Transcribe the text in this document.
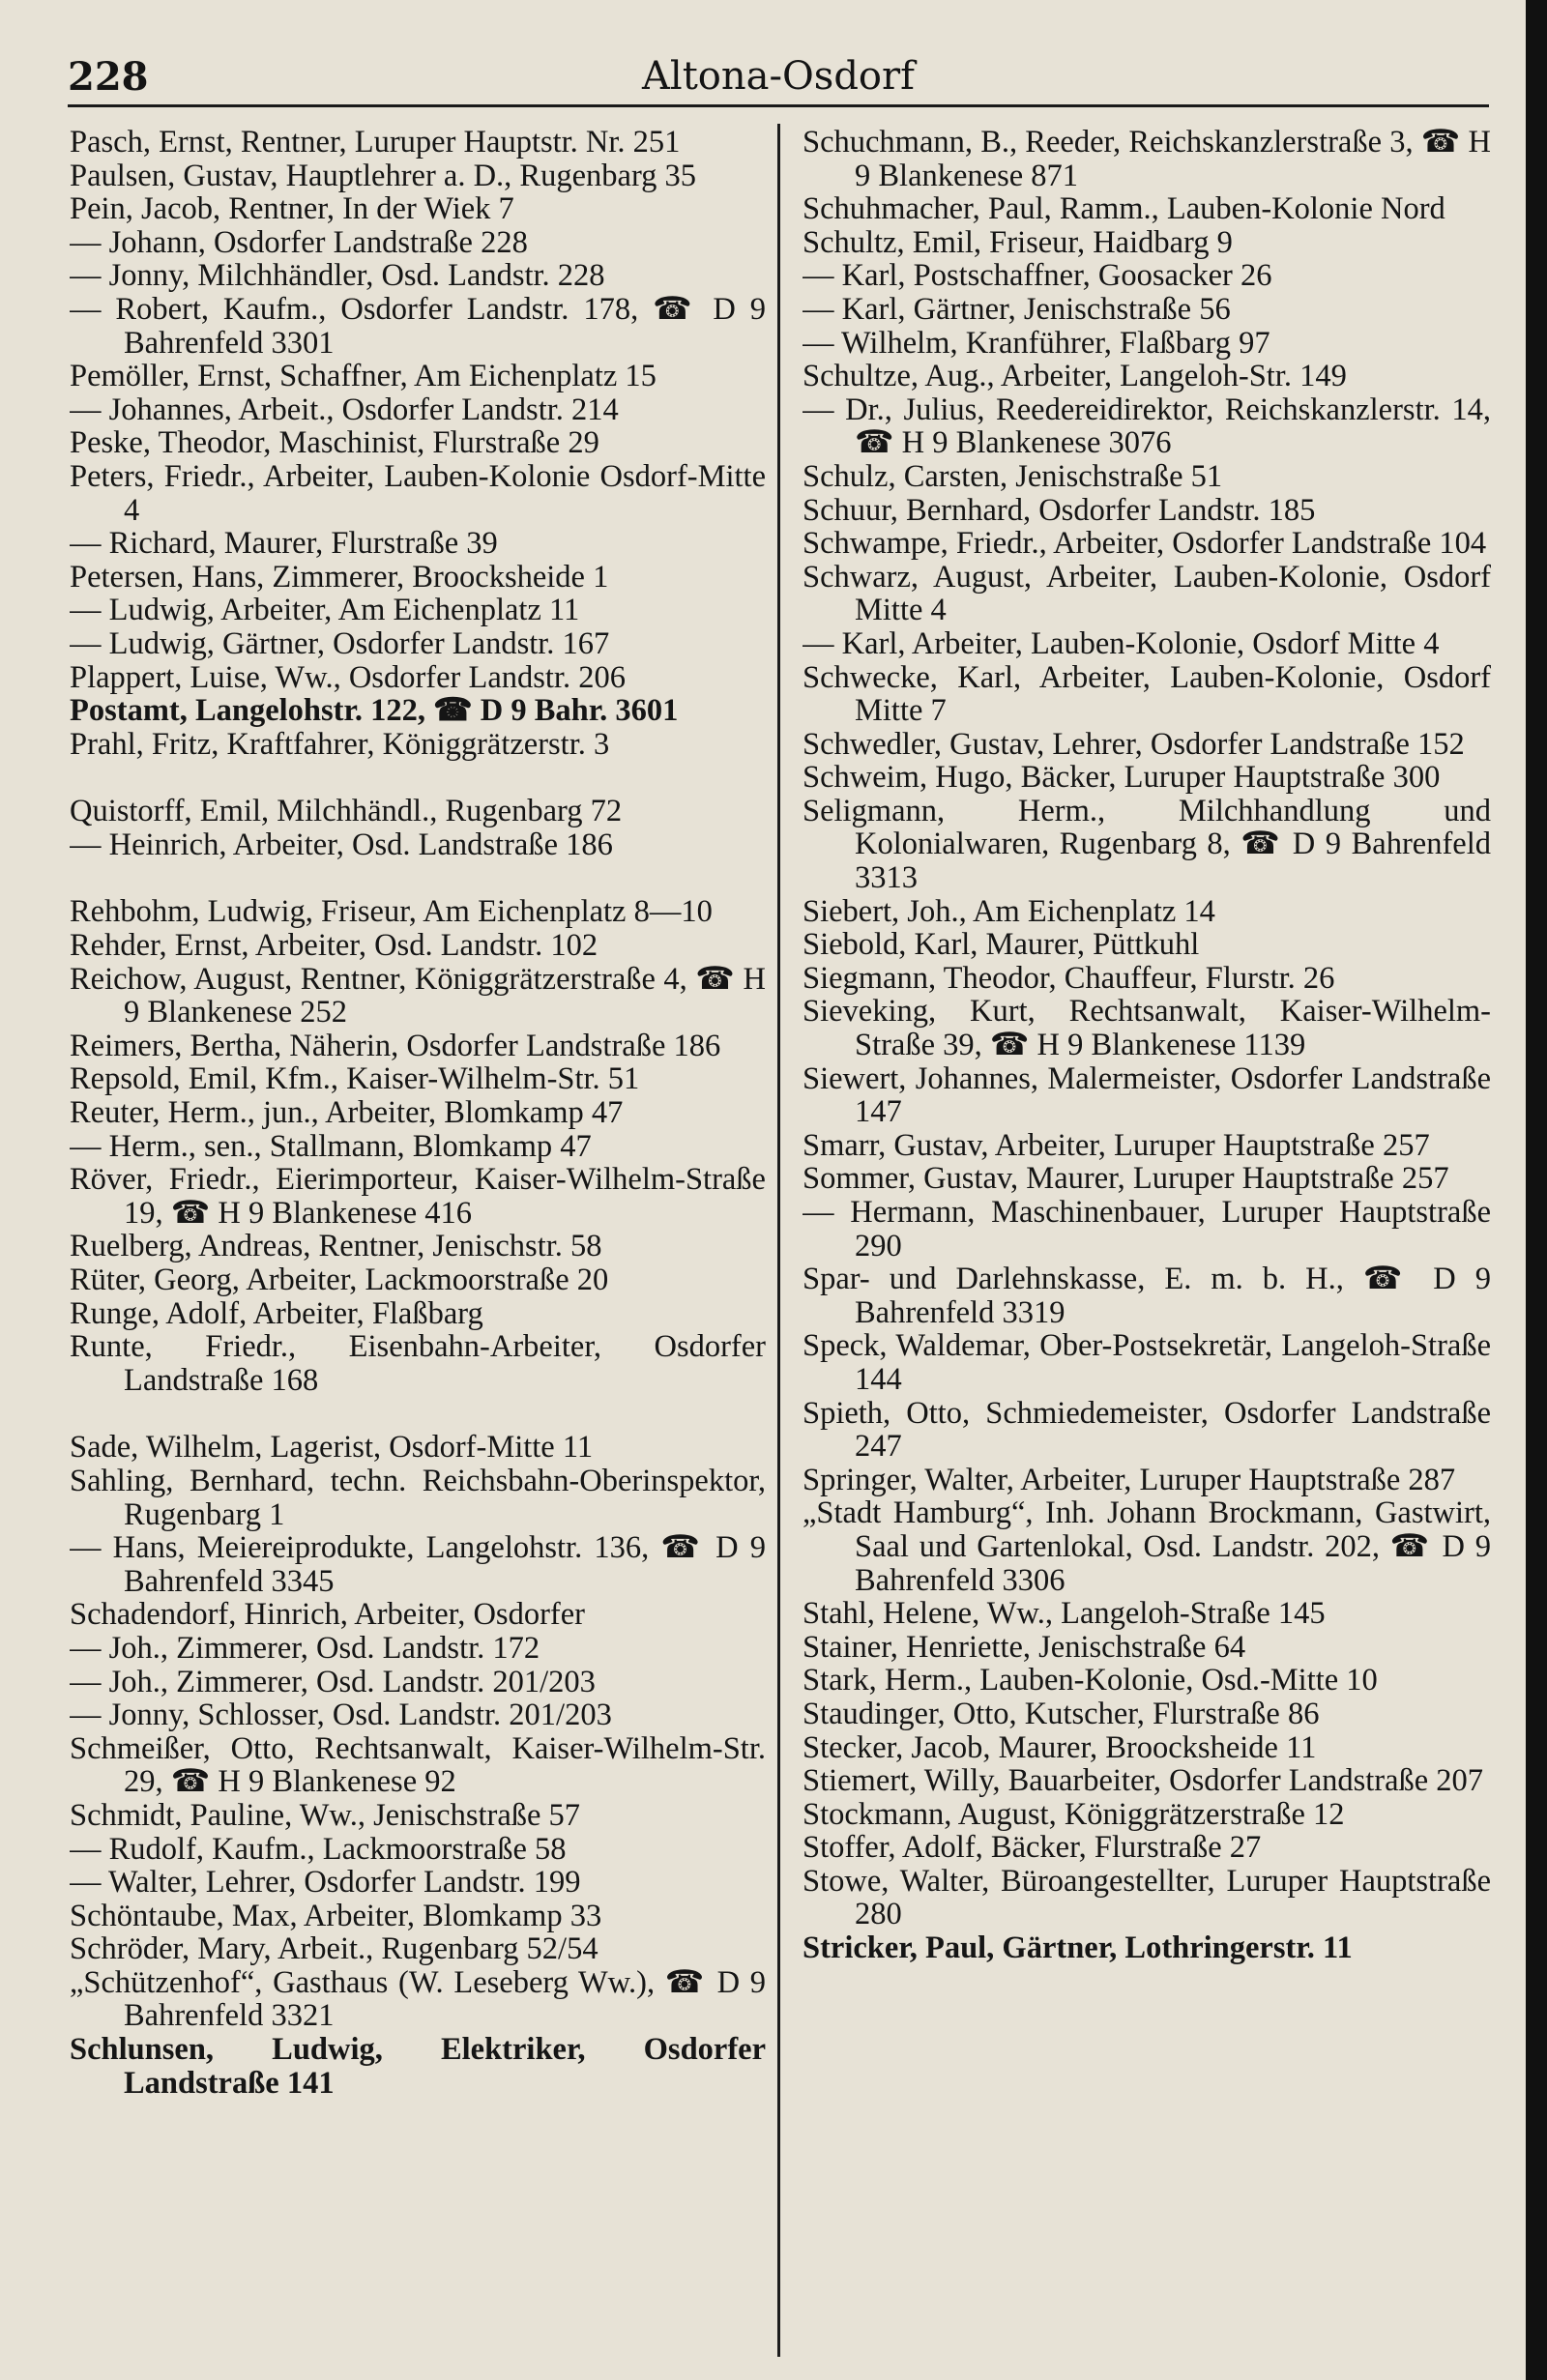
228	Altona-Osdorf

Pasch, Ernst, Rentner, Luruper Hauptstr. Nr. 251

Paulsen, Gustav, Hauptlehrer a. D., Rugenbarg 35

Pein, Jacob, Rentner, In der Wiek 7

— Johann, Osdorfer Landstraße 228

— Jonny, Milchhändler, Osd. Landstr. 228

— Robert, Kaufm., Osdorfer Landstr. 178, ☎ D 9 Bahrenfeld 3301

Pemöller, Ernst, Schaffner, Am Eichenplatz 15

— Johannes, Arbeit., Osdorfer Landstr. 214

Peske, Theodor, Maschinist, Flurstraße 29

Peters, Friedr., Arbeiter, Lauben-Kolonie Osdorf-Mitte 4

— Richard, Maurer, Flurstraße 39

Petersen, Hans, Zimmerer, Broocksheide 1

— Ludwig, Arbeiter, Am Eichenplatz 11

— Ludwig, Gärtner, Osdorfer Landstr. 167

Plappert, Luise, Ww., Osdorfer Landstr. 206

Postamt, Langelohstr. 122, ☎ D 9 Bahr. 3601

Prahl, Fritz, Kraftfahrer, Königgrätzerstr. 3

Quistorff, Emil, Milchhändl., Rugenbarg 72

— Heinrich, Arbeiter, Osd. Landstraße 186

Rehbohm, Ludwig, Friseur, Am Eichenplatz 8—10

Rehder, Ernst, Arbeiter, Osd. Landstr. 102

Reichow, August, Rentner, Königgrätzerstraße 4, ☎ H 9 Blankenese 252

Reimers, Bertha, Näherin, Osdorfer Landstraße 186

Repsold, Emil, Kfm., Kaiser-Wilhelm-Str. 51

Reuter, Herm., jun., Arbeiter, Blomkamp 47

— Herm., sen., Stallmann, Blomkamp 47

Röver, Friedr., Eierimporteur, Kaiser-Wilhelm-Straße 19, ☎ H 9 Blankenese 416

Ruelberg, Andreas, Rentner, Jenischstr. 58

Rüter, Georg, Arbeiter, Lackmoorstraße 20

Runge, Adolf, Arbeiter, Flaßbarg

Runte, Friedr., Eisenbahn-Arbeiter, Osdorfer Landstraße 168

Sade, Wilhelm, Lagerist, Osdorf-Mitte 11

Sahling, Bernhard, techn. Reichsbahn-Oberinspektor, Rugenbarg 1

— Hans, Meiereiprodukte, Langelohstr. 136, ☎ D 9 Bahrenfeld 3345

Schadendorf, Hinrich, Arbeiter, Osdorfer

— Joh., Zimmerer, Osd. Landstr. 172

— Joh., Zimmerer, Osd. Landstr. 201/203

— Jonny, Schlosser, Osd. Landstr. 201/203

Schmeißer, Otto, Rechtsanwalt, Kaiser-Wilhelm-Str. 29, ☎ H 9 Blankenese 92

Schmidt, Pauline, Ww., Jenischstraße 57

— Rudolf, Kaufm., Lackmoorstraße 58

— Walter, Lehrer, Osdorfer Landstr. 199

Schöntaube, Max, Arbeiter, Blomkamp 33

Schröder, Mary, Arbeit., Rugenbarg 52/54

„Schützenhof“, Gasthaus (W. Leseberg Ww.), ☎ D 9 Bahrenfeld 3321

Schlunsen, Ludwig, Elektriker, Osdorfer Landstraße 141

Schuchmann, B., Reeder, Reichskanzlerstraße 3, ☎ H 9 Blankenese 871

Schuhmacher, Paul, Ramm., Lauben-Kolonie Nord

Schultz, Emil, Friseur, Haidbarg 9

— Karl, Postschaffner, Goosacker 26

— Karl, Gärtner, Jenischstraße 56

— Wilhelm, Kranführer, Flaßbarg 97

Schultze, Aug., Arbeiter, Langeloh-Str. 149

— Dr., Julius, Reedereidirektor, Reichskanzlerstr. 14, ☎ H 9 Blankenese 3076

Schulz, Carsten, Jenischstraße 51

Schuur, Bernhard, Osdorfer Landstr. 185

Schwampe, Friedr., Arbeiter, Osdorfer Landstraße 104

Schwarz, August, Arbeiter, Lauben-Kolonie, Osdorf Mitte 4

— Karl, Arbeiter, Lauben-Kolonie, Osdorf Mitte 4

Schwecke, Karl, Arbeiter, Lauben-Kolonie, Osdorf Mitte 7

Schwedler, Gustav, Lehrer, Osdorfer Landstraße 152

Schweim, Hugo, Bäcker, Luruper Hauptstraße 300

Seligmann, Herm., Milchhandlung und Kolonialwaren, Rugenbarg 8, ☎ D 9 Bahrenfeld 3313

Siebert, Joh., Am Eichenplatz 14

Siebold, Karl, Maurer, Püttkuhl

Siegmann, Theodor, Chauffeur, Flurstr. 26

Sieveking, Kurt, Rechtsanwalt, Kaiser-Wilhelm-Straße 39, ☎ H 9 Blankenese 1139

Siewert, Johannes, Malermeister, Osdorfer Landstraße 147

Smarr, Gustav, Arbeiter, Luruper Hauptstraße 257

Sommer, Gustav, Maurer, Luruper Hauptstraße 257

— Hermann, Maschinenbauer, Luruper Hauptstraße 290

Spar- und Darlehnskasse, E. m. b. H., ☎ D 9 Bahrenfeld 3319

Speck, Waldemar, Ober-Postsekretär, Langeloh-Straße 144

Spieth, Otto, Schmiedemeister, Osdorfer Landstraße 247

Springer, Walter, Arbeiter, Luruper Hauptstraße 287

„Stadt Hamburg“, Inh. Johann Brockmann, Gastwirt, Saal und Gartenlokal, Osd. Landstr. 202, ☎ D 9 Bahrenfeld 3306

Stahl, Helene, Ww., Langeloh-Straße 145

Stainer, Henriette, Jenischstraße 64

Stark, Herm., Lauben-Kolonie, Osd.-Mitte 10

Staudinger, Otto, Kutscher, Flurstraße 86

Stecker, Jacob, Maurer, Broocksheide 11

Stiemert, Willy, Bauarbeiter, Osdorfer Landstraße 207

Stockmann, August, Königgrätzerstraße 12

Stoffer, Adolf, Bäcker, Flurstraße 27

Stowe, Walter, Büroangestellter, Luruper Hauptstraße 280

Stricker, Paul, Gärtner, Lothringerstr. 11
